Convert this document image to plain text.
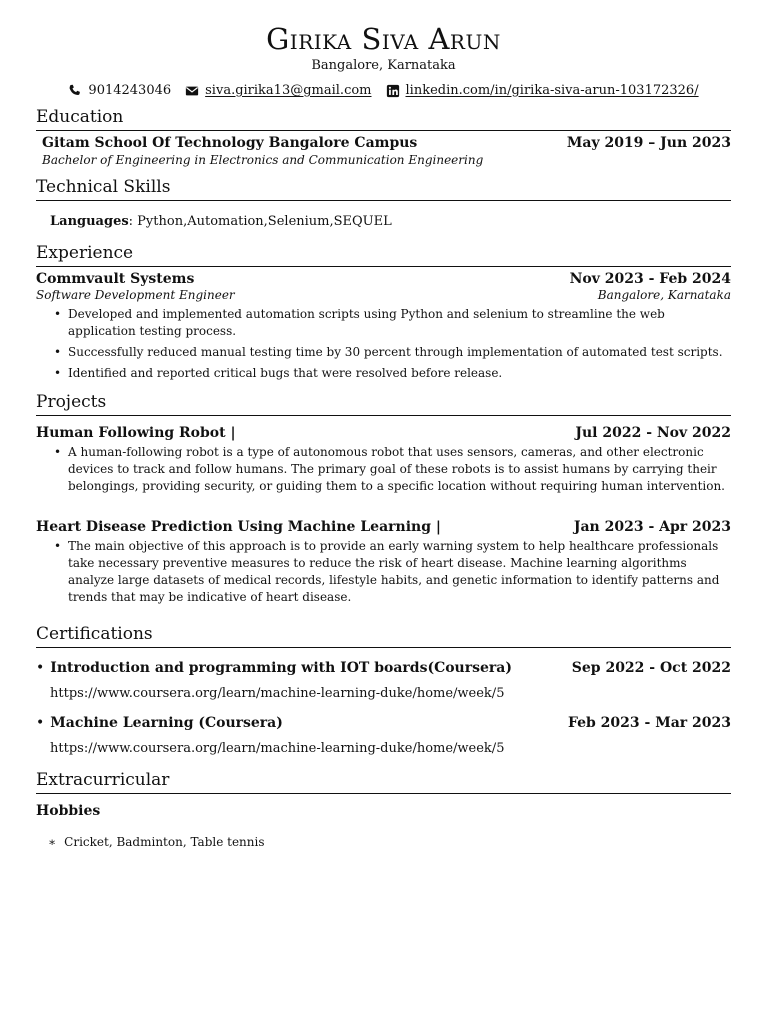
Girika Siva Arun
Bangalore, Karnataka
9014243046	siva.girika13@gmail.com	linkedin.com/in/girika-siva-arun-103172326/
Education
Gitam School Of Technology Bangalore Campus	May 2019 – Jun 2023
Bachelor of Engineering in Electronics and Communication Engineering
Technical Skills
Languages: Python,Automation,Selenium,SEQUEL
Experience
Commvault Systems	Nov 2023 - Feb 2024
Software Development Engineer	Bangalore, Karnataka
• Developed and implemented automation scripts using Python and selenium to streamline the web application testing process.
• Successfully reduced manual testing time by 30 percent through implementation of automated test scripts.
• Identified and reported critical bugs that were resolved before release.
Projects
Human Following Robot |	Jul 2022 - Nov 2022
• A human-following robot is a type of autonomous robot that uses sensors, cameras, and other electronic devices to track and follow humans. The primary goal of these robots is to assist humans by carrying their belongings, providing security, or guiding them to a specific location without requiring human intervention.
Heart Disease Prediction Using Machine Learning |	Jan 2023 - Apr 2023
• The main objective of this approach is to provide an early warning system to help healthcare professionals take necessary preventive measures to reduce the risk of heart disease. Machine learning algorithms analyze large datasets of medical records, lifestyle habits, and genetic information to identify patterns and trends that may be indicative of heart disease.
Certifications
• Introduction and programming with IOT boards(Coursera)	Sep 2022 - Oct 2022
https://www.coursera.org/learn/machine-learning-duke/home/week/5
• Machine Learning (Coursera)	Feb 2023 - Mar 2023
https://www.coursera.org/learn/machine-learning-duke/home/week/5
Extracurricular
Hobbies
∗ Cricket, Badminton, Table tennis
